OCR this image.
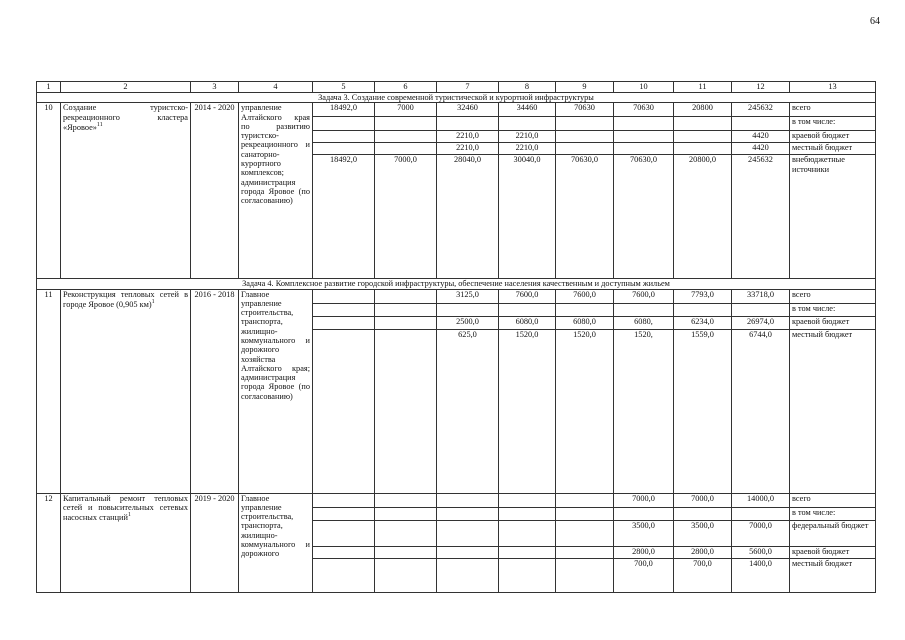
64
1	2	3	4	5	6	7	8	9	10	11	12	13
Задача 3. Создание современной туристической и курортной инфраструктуры												
10	Создание туристско-рекреационного кластера «Яровое»$^{11}$	2014 - 2020	управление Алтайского края по развитию туристско-рекреационного и санаторно-курортного комплексов; администрация города Яровое (по согласованию)	18492,0	7000	32460	34460	70630	70630	20800	245632	всего
												в том числе:
						2210,0	2210,0				4420	краевой бюджет
						2210,0	2210,0				4420	местный бюджет
				18492,0	7000,0	28040,0	30040,0	70630,0	70630,0	20800,0	245632	внебюджетные источники
Задача 4. Комплексное развитие городской инфраструктуры, обеспечение населения качественным и доступным жильем												
11	Реконструкция тепловых сетей в городе Яровое (0,905 км)$^1$	2016 - 2018	Главное управление строительства, транспорта, жилищно-коммунального и дорожного хозяйства Алтайского края; администрация города Яровое (по согласованию)			3125,0	7600,0	7600,0	7600,0	7793,0	33718,0	всего
												в том числе:
						2500,0	6080,0	6080,0	6080,	6234,0	26974,0	краевой бюджет
						625,0	1520,0	1520,0	1520,	1559,0	6744,0	местный бюджет
12	Капитальный ремонт тепловых сетей и повысительных сетевых насосных станций$^1$	2019 - 2020	Главное управление строительства, транспорта, жилищно-коммунального и дорожного						7000,0	7000,0	14000,0	всего
												в том числе:
									3500,0	3500,0	7000,0	федеральный бюджет
									2800,0	2800,0	5600,0	краевой бюджет
									700,0	700,0	1400,0	местный бюджет
